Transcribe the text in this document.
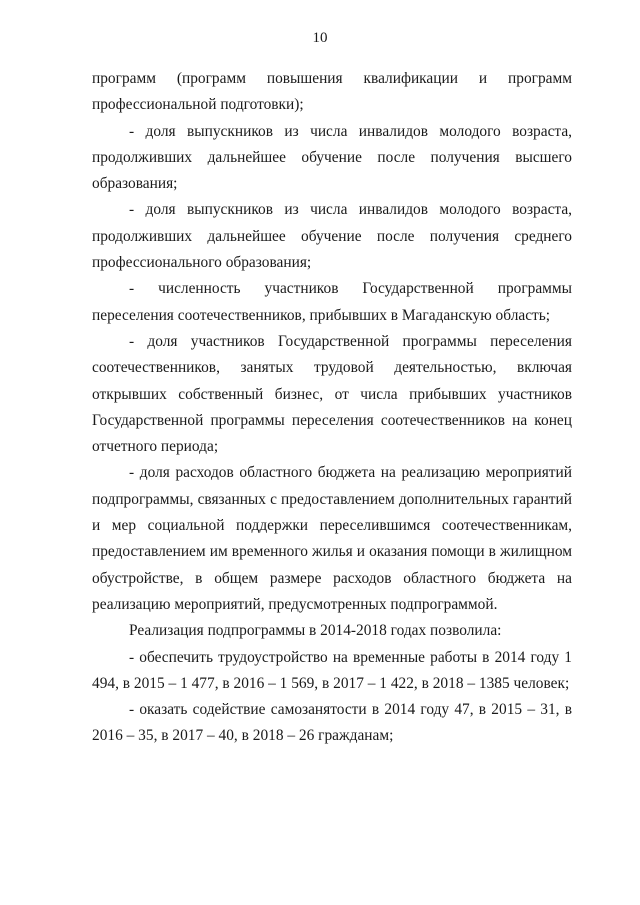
10

программ (программ повышения квалификации и программ профессиональной подготовки);

- доля выпускников из числа инвалидов молодого возраста, продолживших дальнейшее обучение после получения высшего образования;

- доля выпускников из числа инвалидов молодого возраста, продолживших дальнейшее обучение после получения среднего профессионального образования;

- численность участников Государственной программы переселения соотечественников, прибывших в Магаданскую область;

- доля участников Государственной программы переселения соотечественников, занятых трудовой деятельностью, включая открывших собственный бизнес, от числа прибывших участников Государственной программы переселения соотечественников на конец отчетного периода;

- доля расходов областного бюджета на реализацию мероприятий подпрограммы, связанных с предоставлением дополнительных гарантий и мер социальной поддержки переселившимся соотечественникам, предоставлением им временного жилья и оказания помощи в жилищном обустройстве, в общем размере расходов областного бюджета на реализацию мероприятий, предусмотренных подпрограммой.

Реализация подпрограммы в 2014-2018 годах позволила:

- обеспечить трудоустройство на временные работы в 2014 году 1 494, в 2015 – 1 477, в 2016 – 1 569, в 2017 – 1 422, в 2018 – 1385 человек;

- оказать содействие самозанятости в 2014 году 47, в 2015 – 31, в 2016 – 35, в 2017 – 40, в 2018 – 26 гражданам;
